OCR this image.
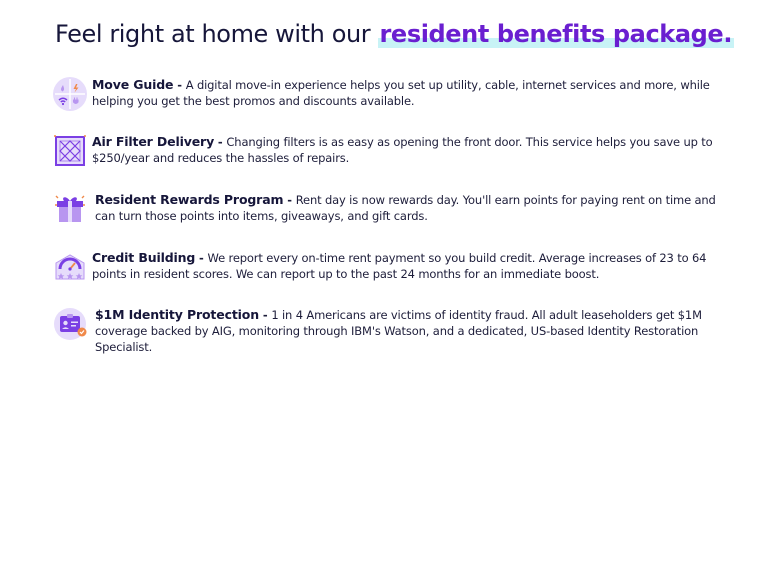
Feel right at home with our resident benefits package.
Move Guide - A digital move-in experience helps you set up utility, cable, internet services and more, while helping you get the best promos and discounts available.
Air Filter Delivery - Changing filters is as easy as opening the front door. This service helps you save up to $250/year and reduces the hassles of repairs.
Resident Rewards Program - Rent day is now rewards day. You'll earn points for paying rent on time and can turn those points into items, giveaways, and gift cards.
Credit Building - We report every on-time rent payment so you build credit. Average increases of 23 to 64 points in resident scores. We can report up to the past 24 months for an immediate boost.
$1M Identity Protection - 1 in 4 Americans are victims of identity fraud. All adult leaseholders get $1M coverage backed by AIG, monitoring through IBM's Watson, and a dedicated, US-based Identity Restoration Specialist.
